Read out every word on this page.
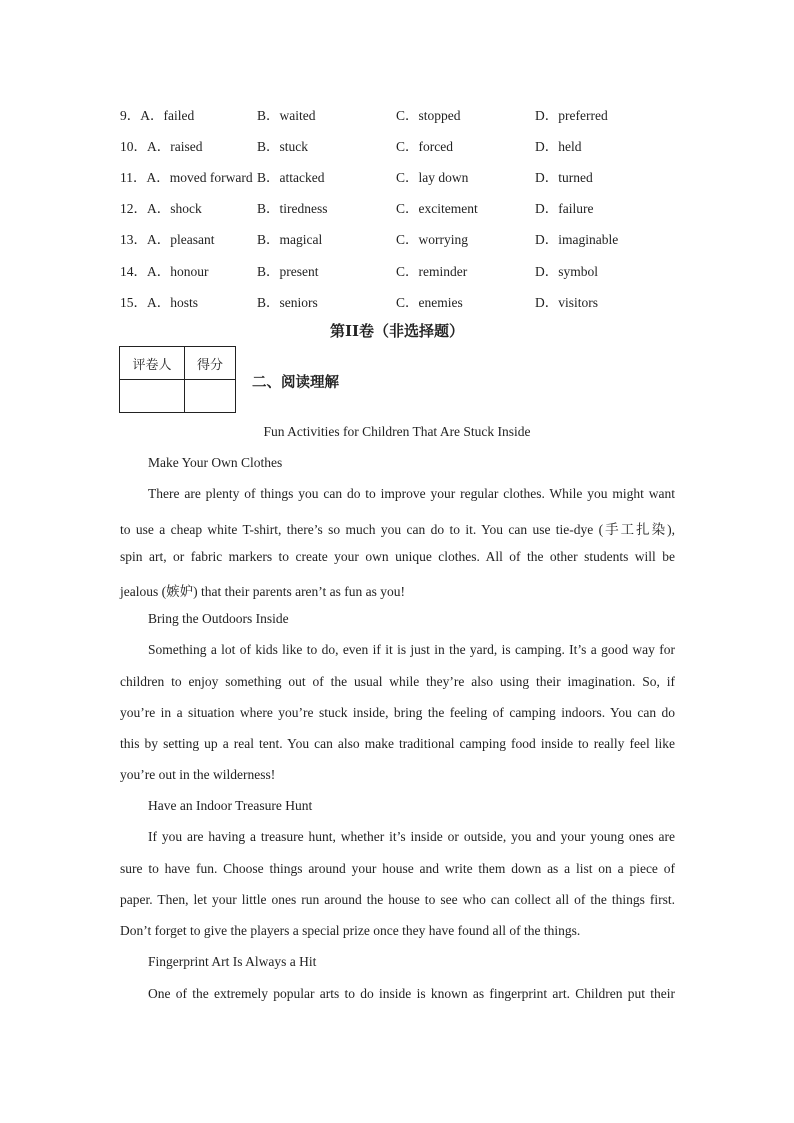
9．A．failed	B．waited	C．stopped	D．preferred
10．A．raised	B．stuck	C．forced	D．held
11．A．moved forward B．attacked	C．lay down	D．turned
12．A．shock	B．tiredness	C．excitement	D．failure
13．A．pleasant	B．magical	C．worrying	D．imaginable
14．A．honour	B．present	C．reminder	D．symbol
15．A．hosts	B．seniors	C．enemies	D．visitors
第II卷（非选择题）
评卷人	得分

二、阅读理解
Fun Activities for Children That Are Stuck Inside
Make Your Own Clothes
There are plenty of things you can do to improve your regular clothes. While you might want
to use a cheap white T-shirt, there’s so much you can do to it. You can use tie-dye (手工扎染),
spin art, or fabric markers to create your own unique clothes. All of the other students will be
jealous (嫉妒) that their parents aren’t as fun as you!
Bring the Outdoors Inside
Something a lot of kids like to do, even if it is just in the yard, is camping. It’s a good way for
children to enjoy something out of the usual while they’re also using their imagination. So, if
you’re in a situation where you’re stuck inside, bring the feeling of camping indoors. You can do
this by setting up a real tent. You can also make traditional camping food inside to really feel like
you’re out in the wilderness!
Have an Indoor Treasure Hunt
If you are having a treasure hunt, whether it’s inside or outside, you and your young ones are
sure to have fun. Choose things around your house and write them down as a list on a piece of
paper. Then, let your little ones run around the house to see who can collect all of the things first.
Don’t forget to give the players a special prize once they have found all of the things.
Fingerprint Art Is Always a Hit
One of the extremely popular arts to do inside is known as fingerprint art. Children put their
